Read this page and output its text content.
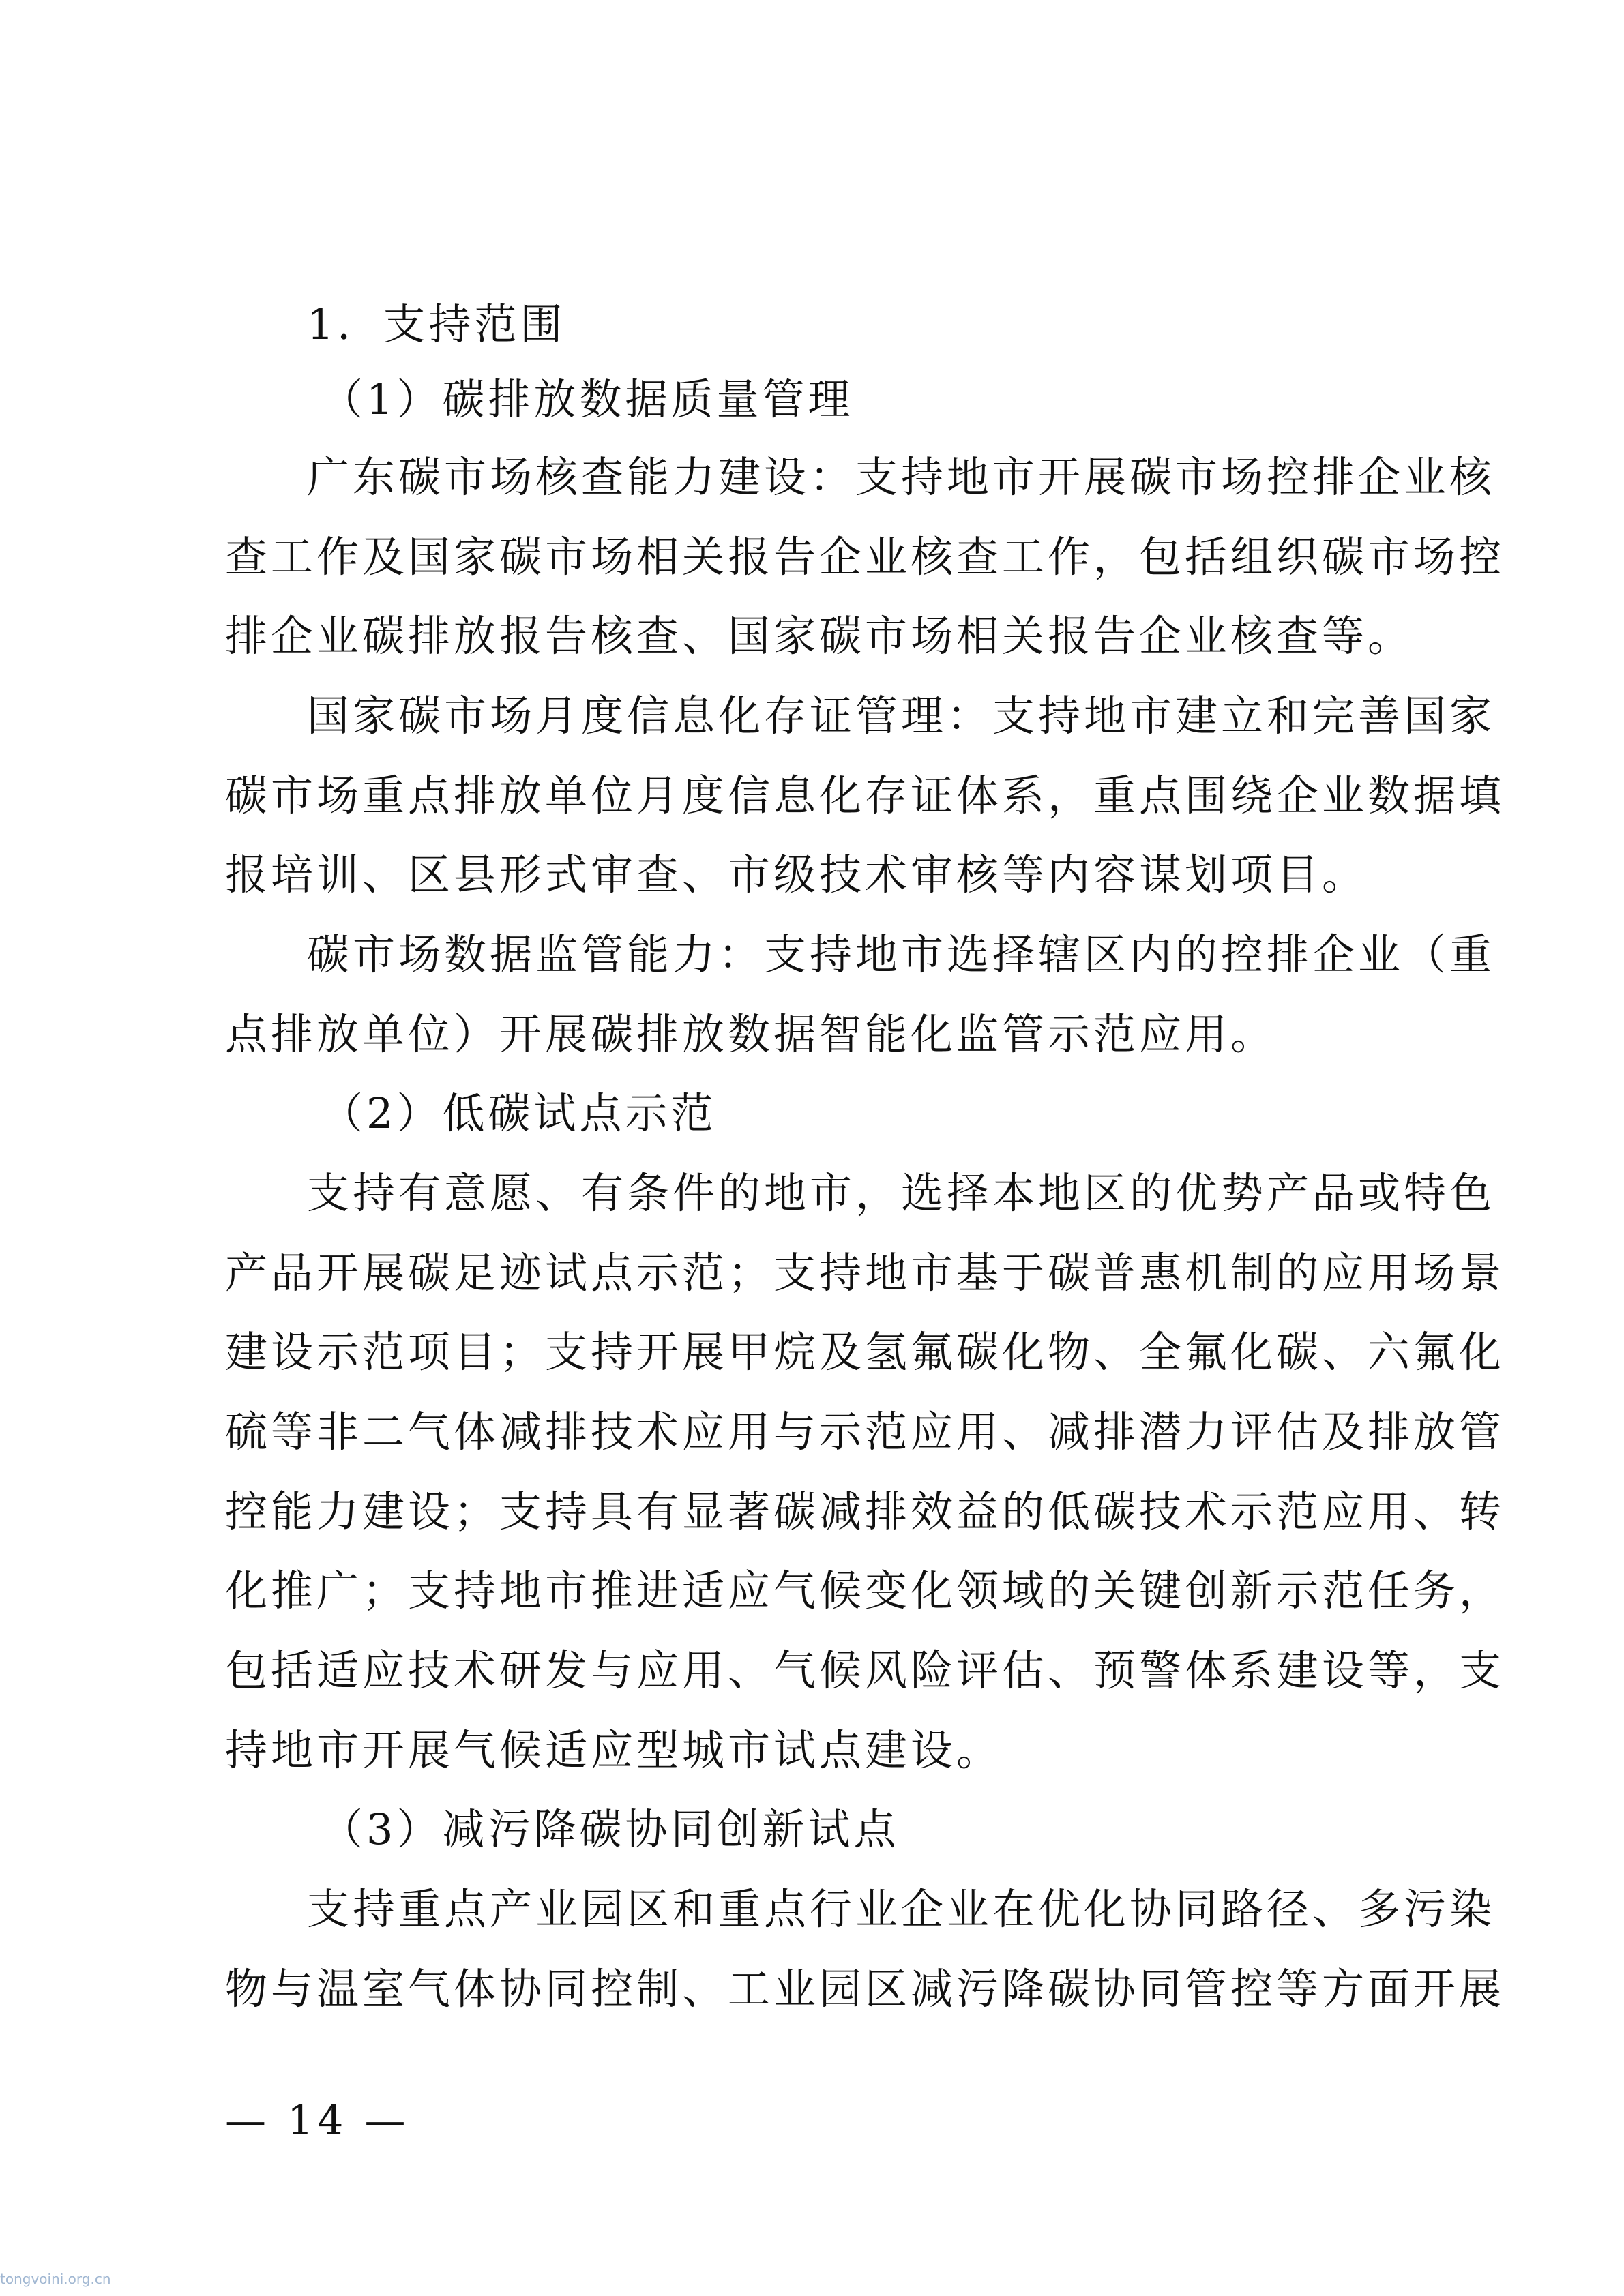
1．支持范围
（1）碳排放数据质量管理
广东碳市场核查能力建设：支持地市开展碳市场控排企业核
查工作及国家碳市场相关报告企业核查工作，包括组织碳市场控
排企业碳排放报告核查、国家碳市场相关报告企业核查等。
国家碳市场月度信息化存证管理：支持地市建立和完善国家
碳市场重点排放单位月度信息化存证体系，重点围绕企业数据填
报培训、区县形式审查、市级技术审核等内容谋划项目。
碳市场数据监管能力：支持地市选择辖区内的控排企业（重
点排放单位）开展碳排放数据智能化监管示范应用。
（2）低碳试点示范
支持有意愿、有条件的地市，选择本地区的优势产品或特色
产品开展碳足迹试点示范；支持地市基于碳普惠机制的应用场景
建设示范项目；支持开展甲烷及氢氟碳化物、全氟化碳、六氟化
硫等非二气体减排技术应用与示范应用、减排潜力评估及排放管
控能力建设；支持具有显著碳减排效益的低碳技术示范应用、转
化推广；支持地市推进适应气候变化领域的关键创新示范任务，
包括适应技术研发与应用、气候风险评估、预警体系建设等，支
持地市开展气候适应型城市试点建设。
（3）减污降碳协同创新试点
支持重点产业园区和重点行业企业在优化协同路径、多污染
物与温室气体协同控制、工业园区减污降碳协同管控等方面开展
— 14 —
tongvoini.org.cn
